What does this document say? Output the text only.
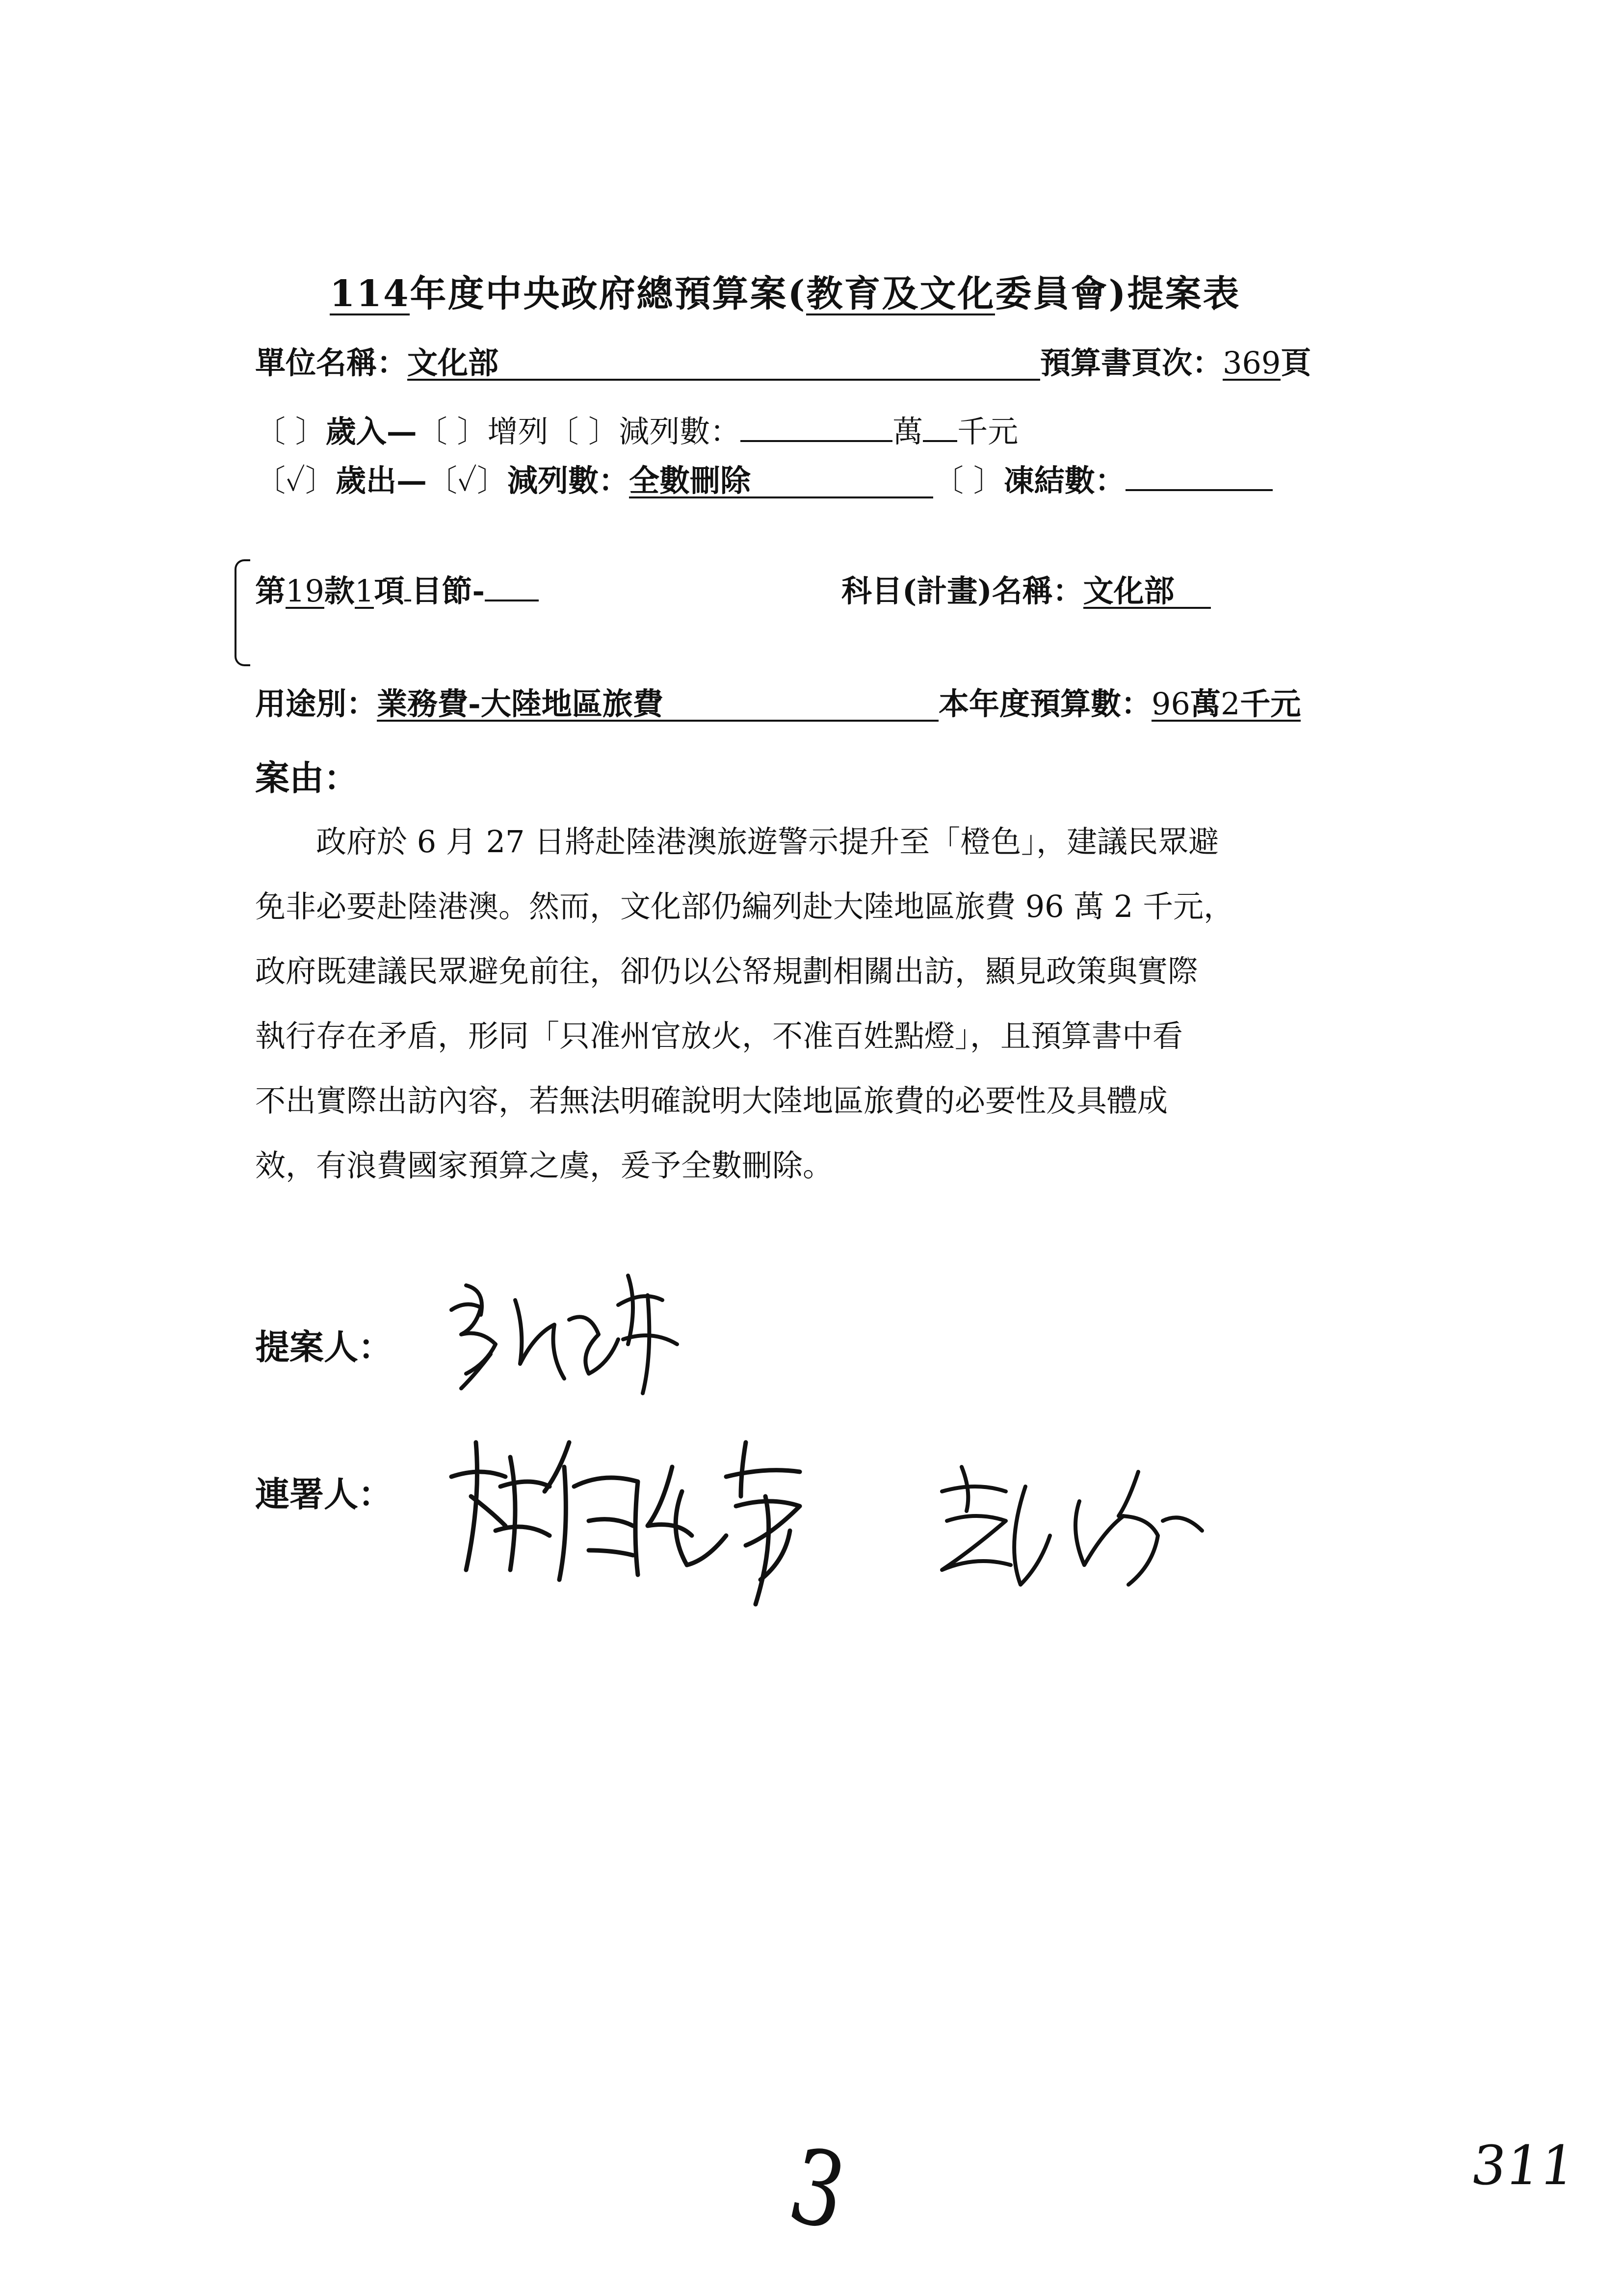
114年度中央政府總預算案(教育及文化委員會)提案表
單位名稱：文化部	預算書頁次：369頁
〔 〕歲入—〔 〕增列〔 〕減列數：	萬 千元
〔✓〕歲出—〔✓〕減列數：全數刪除	〔 〕凍結數：
第19款1項 目節-	科目(計畫)名稱：文化部
用途別：業務費-大陸地區旅費	本年度預算數：96萬2千元
案由：

　　政府於 6 月 27 日將赴陸港澳旅遊警示提升至「橙色」，建議民眾避

免非必要赴陸港澳。然而，文化部仍編列赴大陸地區旅費 96 萬 2 千元，

政府既建議民眾避免前往，卻仍以公帑規劃相關出訪，顯見政策與實際

執行存在矛盾，形同「只准州官放火，不准百姓點燈」，且預算書中看

不出實際出訪內容，若無法明確說明大陸地區旅費的必要性及具體成

效，有浪費國家預算之虞，爰予全數刪除。

提案人：
連署人：
3	311
